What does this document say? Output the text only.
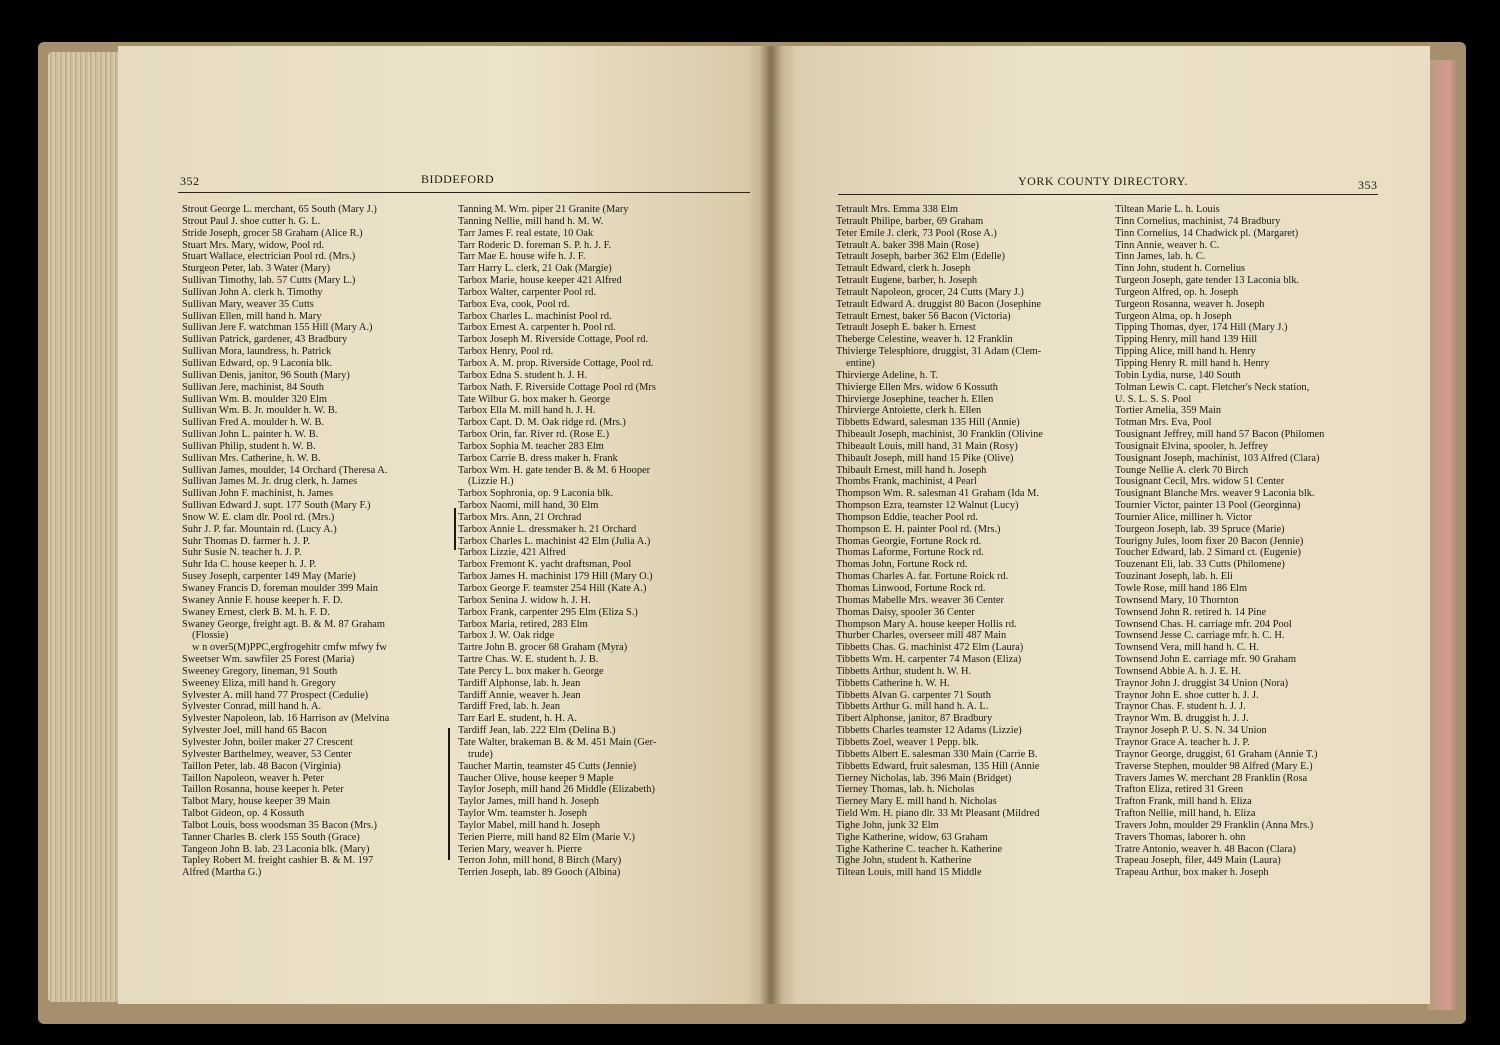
352	BIDDEFORD
Strout George L. merchant, 65 South (Mary J.)
Strout Paul J. shoe cutter h. G. L.
Stride Joseph, grocer 58 Graham (Alice R.)
Stuart Mrs. Mary, widow, Pool rd.
Stuart Wallace, electrician Pool rd. (Mrs.)
Sturgeon Peter, lab. 3 Water (Mary)
Sullivan Timothy, lab. 57 Cutts (Mary L.)
Sullivan John A. clerk h. Timothy
Sullivan Mary, weaver 35 Cutts
Sullivan Ellen, mill hand h. Mary
Sullivan Jere F. watchman 155 Hill (Mary A.)
Sullivan Patrick, gardener, 43 Bradbury
Sullivan Mora, laundress, h. Patrick
Sullivan Edward, op. 9 Laconia blk.
Sullivan Denis, janitor, 96 South (Mary)
Sullivan Jere, machinist, 84 South
Sullivan Wm. B. moulder 320 Elm
Sullivan Wm. B. Jr. moulder h. W. B.
Sullivan Fred A. moulder h. W. B.
Sullivan John L. painter h. W. B.
Sullivan Philip, student h. W. B.
Sullivan Mrs. Catherine, h. W. B.
Sullivan James, moulder, 14 Orchard (Theresa A.
Sullivan James M. Jr. drug clerk, h. James
Sullivan John F. machinist, h. James
Sullivan Edward J. supt. 177 South (Mary F.)
Snow W. E. clam dlr. Pool rd. (Mrs.)
Suhr J. P. far. Mountain rd. (Lucy A.)
Suhr Thomas D. farmer h. J. P.
Suhr Susie N. teacher h. J. P.
Suhr Ida C. house keeper h. J. P.
Susey Joseph, carpenter 149 May (Marie)
Swaney Francis D. foreman moulder 399 Main
Swaney Annie F. house keeper h. F. D.
Swaney Ernest, clerk B. M. h. F. D.
Swaney George, freight agt. B. & M. 87 Graham
(Flossie)
w n over5(M)PPC,ergfrogehitr cmfw mfwy fw
Sweetser Wm. sawfiler 25 Forest (Maria)
Sweeney Gregory, lineman, 91 South
Sweeney Eliza, mill hand h. Gregory
Sylvester A. mill hand 77 Prospect (Cedulie)
Sylvester Conrad, mill hand h. A.
Sylvester Napoleon, lab. 16 Harrison av (Melvina
Sylvester Joel, mill hand 65 Bacon
Sylvester John, boiler maker 27 Crescent
Sylvester Barthelmey, weaver, 53 Center
Taillon Peter, lab. 48 Bacon (Virginia)
Taillon Napoleon, weaver h. Peter
Taillon Rosanna, house keeper h. Peter
Talbot Mary, house keeper 39 Main
Talbot Gideon, op. 4 Kossuth
Talbot Louis, boss woodsman 35 Bacon (Mrs.)
Tanner Charles B. clerk 155 South (Grace)
Tangeon John B. lab. 23 Laconia blk. (Mary)
Tapley Robert M. freight cashier B. & M. 197
Alfred (Martha G.)
Tanning M. Wm. piper 21 Granite (Mary
Tanning Nellie, mill hand h. M. W.
Tarr James F. real estate, 10 Oak
Tarr Roderic D. foreman S. P. h. J. F.
Tarr Mae E. house wife h. J. F.
Tarr Harry L. clerk, 21 Oak (Margie)
Tarbox Marie, house keeper 421 Alfred
Tarbox Walter, carpenter Pool rd.
Tarbox Eva, cook, Pool rd.
Tarbox Charles L. machinist Pool rd.
Tarbox Ernest A. carpenter h. Pool rd.
Tarbox Joseph M. Riverside Cottage, Pool rd.
Tarbox Henry, Pool rd.
Tarbox A. M. prop. Riverside Cottage, Pool rd.
Tarbox Edna S. student h. J. H.
Tarbox Nath. F. Riverside Cottage Pool rd (Mrs
Tate Wilbur G. box maker h. George
Tarbox Ella M. mill hand h. J. H.
Tarbox Capt. D. M. Oak ridge rd. (Mrs.)
Tarbox Orin, far. River rd. (Rose E.)
Tarbox Sophia M. teacher 283 Elm
Tarbox Carrie B. dress maker h. Frank
Tarbox Wm. H. gate tender B. & M. 6 Hooper
(Lizzie H.)
Tarbox Sophronia, op. 9 Laconia blk.
Tarbox Naomi, mill hand, 30 Elm
Tarbox Mrs. Ann, 21 Orchrad
Tarbox Annie L. dressmaker h. 21 Orchard
Tarbox Charles L. machinist 42 Elm (Julia A.)
Tarbox Lizzie, 421 Alfred
Tarbox Fremont K. yacht draftsman, Pool
Tarbox James H. machinist 179 Hill (Mary O.)
Tarbox George F. teamster 254 Hill (Kate A.)
Tarbox Senina J. widow h. J. H.
Tarbox Frank, carpenter 295 Elm (Eliza S.)
Tarbox Maria, retired, 283 Elm
Tarbox J. W. Oak ridge
Tartre John B. grocer 68 Graham (Myra)
Tartre Chas. W. E. student h. J. B.
Tate Percy L. box maker h. George
Tardiff Alphonse, lab. h. Jean
Tardiff Annie, weaver h. Jean
Tardiff Fred, lab. h. Jean
Tarr Earl E. student, h. H. A.
Tardiff Jean, lab. 222 Elm (Delina B.)
Tate Walter, brakeman B. & M. 451 Main (Ger-
trude)
Taucher Martin, teamster 45 Cutts (Jennie)
Taucher Olive, house keeper 9 Maple
Taylor Joseph, mill hand 26 Middle (Elizabeth)
Taylor James, mill hand h. Joseph
Taylor Wm. teamster h. Joseph
Taylor Mabel, mill hand h. Joseph
Terien Pierre, mill hand 82 Elm (Marie V.)
Terien Mary, weaver h. Pierre
Terron John, mill hond, 8 Birch (Mary)
Terrien Joseph, lab. 89 Gooch (Albina)
YORK COUNTY DIRECTORY.	353
Tetrault Mrs. Emma 338 Elm
Tetrault Philipe, barber, 69 Graham
Teter Emile J. clerk, 73 Pool (Rose A.)
Tetrault A. baker 398 Main (Rose)
Tetrault Joseph, barber 362 Elm (Edelle)
Tetrault Edward, clerk h. Joseph
Tetrault Eugene, barber, h. Joseph
Tetrault Napoleon, grocer, 24 Cutts (Mary J.)
Tetrault Edward A. druggist 80 Bacon (Josephine
Tetrault Ernest, baker 56 Bacon (Victoria)
Tetrault Joseph E. baker h. Ernest
Theberge Celestine, weaver h. 12 Franklin
Thivierge Telesphiore, druggist, 31 Adam (Clem-
entine)
Thirvierge Adeline, h. T.
Thivierge Ellen Mrs. widow 6 Kossuth
Thirvierge Josephine, teacher h. Ellen
Thirvierge Antoiette, clerk h. Ellen
Tibbetts Edward, salesman 135 Hill (Annie)
Thibeault Joseph, machinist, 30 Franklin (Olivine
Thibeault Louis, mill hand, 31 Main (Rosy)
Thibault Joseph, mill hand 15 Pike (Olive)
Thibault Ernest, mill hand h. Joseph
Thombs Frank, machinist, 4 Pearl
Thompson Wm. R. salesman 41 Graham (Ida M.
Thompson Ezra, teamster 12 Walnut (Lucy)
Thompson Eddie, teacher Pool rd.
Thompson E. H. painter Pool rd. (Mrs.)
Thomas Georgie, Fortune Rock rd.
Thomas Laforme, Fortune Rock rd.
Thomas John, Fortune Rock rd.
Thomas Charles A. far. Fortune Roick rd.
Thomas Linwood, Fortune Rock rd.
Thomas Mabelle Mrs. weaver 36 Center
Thomas Daisy, spooler 36 Center
Thompson Mary A. house keeper Hollis rd.
Thurber Charles, overseer mill 487 Main
Tibbetts Chas. G. machinist 472 Elm (Laura)
Tibbetts Wm. H. carpenter 74 Mason (Eliza)
Tibbetts Arthur, student h. W. H.
Tibbetts Catherine h. W. H.
Tibbetts Alvan G. carpenter 71 South
Tibbetts Arthur G. mill hand h. A. L.
Tibert Alphonse, janitor, 87 Bradbury
Tibbetts Charles teamster 12 Adams (Lizzie)
Tibbetts Zoel, weaver 1 Pepp. blk.
Tibbetts Albert E. salesman 330 Main (Carrie B.
Tibbetts Edward, fruit salesman, 135 Hill (Annie
Tierney Nicholas, lab. 396 Main (Bridget)
Tierney Thomas, lab. h. Nicholas
Tierney Mary E. mill hand h. Nicholas
Tield Wm. H. piano dlr. 33 Mt Pleasant (Mildred
Tighe John, junk 32 Elm
Tighe Katherine, widow, 63 Graham
Tighe Katherine C. teacher h. Katherine
Tighe John, student h. Katherine
Tiltean Louis, mill hand 15 Middle
Tiltean Marie L. h. Louis
Tinn Cornelius, machinist, 74 Bradbury
Tinn Cornelius, 14 Chadwick pl. (Margaret)
Tinn Annie, weaver h. C.
Tinn James, lab. h. C.
Tinn John, student h. Cornelius
Turgeon Joseph, gate tender 13 Laconia blk.
Turgeon Alfred, op. h. Joseph
Turgeon Rosanna, weaver h. Joseph
Turgeon Alma, op. h Joseph
Tipping Thomas, dyer, 174 Hill (Mary J.)
Tipping Henry, mill hand 139 Hill
Tipping Alice, mill hand h. Henry
Tipping Henry R. mill hand h. Henry
Tobin Lydia, nurse, 140 South
Tolman Lewis C. capt. Fletcher's Neck station,
U. S. L. S. S. Pool
Tortier Amelia, 359 Main
Totman Mrs. Eva, Pool
Tousignant Jeffrey, mill hand 57 Bacon (Philomen
Tousignait Elvina, spooler, h. Jeffrey
Tousignant Joseph, machinist, 103 Alfred (Clara)
Tounge Nellie A. clerk 70 Birch
Tousignant Cecil, Mrs. widow 51 Center
Tousignant Blanche Mrs. weaver 9 Laconia blk.
Tournier Victor, painter 13 Pool (Georginna)
Tournier Alice, milliner h. Victor
Tourgeon Joseph, lab. 39 Spruce (Marie)
Tourigny Jules, loom fixer 20 Bacon (Jennie)
Toucher Edward, lab. 2 Simard ct. (Eugenie)
Touzenant Eli, lab. 33 Cutts (Philomene)
Touzinant Joseph, lab. h. Eli
Towle Rose, mill hand 186 Elm
Townsend Mary, 10 Thornton
Townsend John R. retired h. 14 Pine
Townsend Chas. H. carriage mfr. 204 Pool
Townsend Jesse C. carriage mfr. h. C. H.
Townsend Vera, mill hand h. C. H.
Townsend John E. carriage mfr. 90 Graham
Townsend Abbie A. h. J. E. H.
Traynor John J. druggist 34 Union (Nora)
Traynor John E. shoe cutter h. J. J.
Traynor Chas. F. student h. J. J.
Traynor Wm. B. druggist h. J. J.
Traynor Joseph P. U. S. N. 34 Union
Traynor Grace A. teacher h. J. P.
Traynor George, druggist, 61 Graham (Annie T.)
Traverse Stephen, moulder 98 Alfred (Mary E.)
Travers James W. merchant 28 Franklin (Rosa
Trafton Eliza, retired 31 Green
Trafton Frank, mill hand h. Eliza
Trafton Nellie, mill hand, h. Eliza
Travers John, moulder 29 Franklin (Anna Mrs.)
Travers Thomas, laborer h. ohn
Tratre Antonio, weaver h. 48 Bacon (Clara)
Trapeau Joseph, filer, 449 Main (Laura)
Trapeau Arthur, box maker h. Joseph
